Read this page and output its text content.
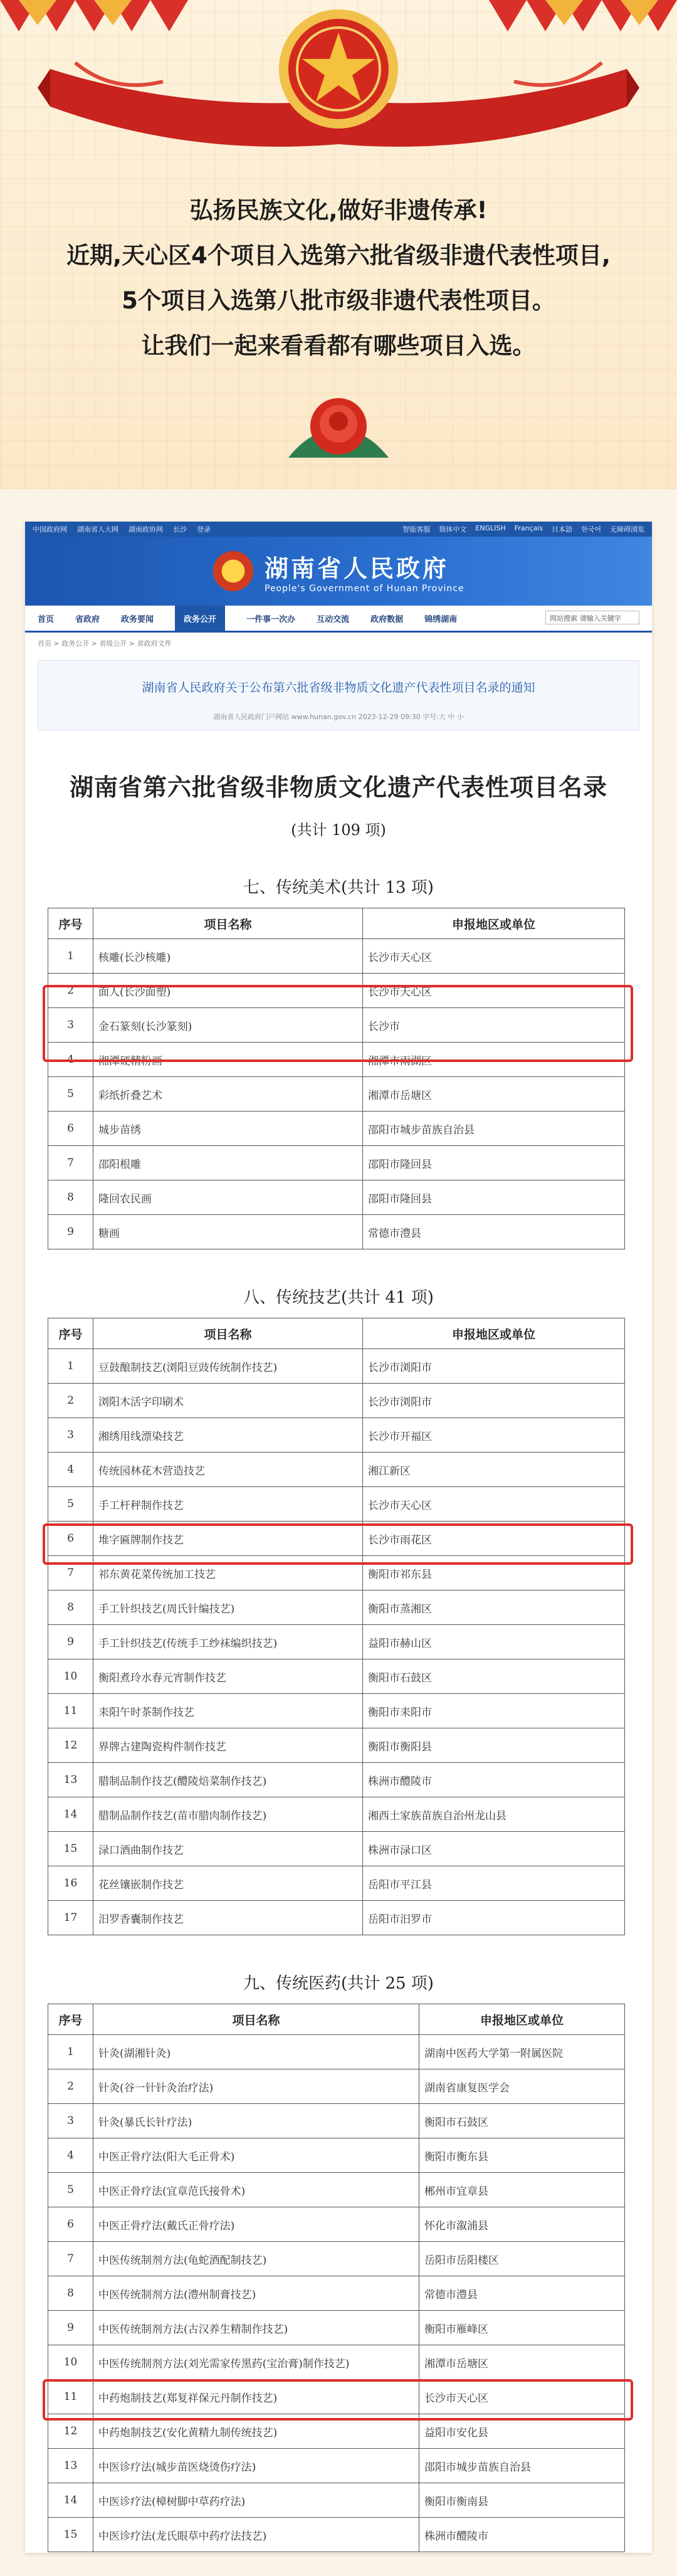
弘扬民族文化,做好非遗传承!

近期,天心区4个项目入选第六批省级非遗代表性项目,

5个项目入选第八批市级非遗代表性项目。

让我们一起来看看都有哪些项目入选。

中国政府网 湖南省人大网 湖南政协网 长沙 登录	智能客服 简体中文 ENGLISH Français 日本語 한국어 无障碍浏览
湖南省人民政府
People's Government of Hunan Province
首页	省政府	政务要闻	政务公开	一件事一次办	互动交流	政府数据	锦绣湖南	网站搜索 请输入关键字
首页 > 政务公开 > 省级公开 > 省政府文件
湖南省人民政府关于公布第六批省级非物质文化遗产代表性项目名录的通知
湖南省人民政府门户网站 www.hunan.gov.cn 2023-12-29 09:30 字号:大 中 小
湖南省第六批省级非物质文化遗产代表性项目名录
(共计 109 项)
七、传统美术(共计 13 项)
序号	项目名称	申报地区或单位
1	核雕(长沙核雕)	长沙市天心区
2	面人(长沙面塑)	长沙市天心区
3	金石篆刻(长沙篆刻)	长沙市
4	湘潭硬精粉画	湘潭市雨湖区
5	彩纸折叠艺术	湘潭市岳塘区
6	城步苗绣	邵阳市城步苗族自治县
7	邵阳根雕	邵阳市隆回县
8	隆回农民画	邵阳市隆回县
9	糖画	常德市澧县
八、传统技艺(共计 41 项)
序号	项目名称	申报地区或单位
1	豆鼓酿制技艺(浏阳豆豉传统制作技艺)	长沙市浏阳市
2	浏阳木活字印刷术	长沙市浏阳市
3	湘绣用线漂染技艺	长沙市开福区
4	传统园林花木营造技艺	湘江新区
5	手工杆秤制作技艺	长沙市天心区
6	堆字匾牌制作技艺	长沙市雨花区
7	祁东黄花菜传统加工技艺	衡阳市祁东县
8	手工针织技艺(周氏针编技艺)	衡阳市蒸湘区
9	手工针织技艺(传统手工纱袜编织技艺)	益阳市赫山区
10	衡阳煮玲水春元宵制作技艺	衡阳市石鼓区
11	耒阳午时茶制作技艺	衡阳市耒阳市
12	界牌古建陶瓷构件制作技艺	衡阳市衡阳县
13	腊制品制作技艺(醴陵焙菜制作技艺)	株洲市醴陵市
14	腊制品制作技艺(苗市腊肉制作技艺)	湘西土家族苗族自治州龙山县
15	渌口酒曲制作技艺	株洲市渌口区
16	花丝镶嵌制作技艺	岳阳市平江县
17	汨罗香囊制作技艺	岳阳市汨罗市
九、传统医药(共计 25 项)
序号	项目名称	申报地区或单位
1	针灸(湖湘针灸)	湖南中医药大学第一附属医院
2	针灸(谷一针针灸治疗法)	湖南省康复医学会
3	针灸(暴氏长针疗法)	衡阳市石鼓区
4	中医正骨疗法(阳大毛正骨术)	衡阳市衡东县
5	中医正骨疗法(宜章范氏接骨术)	郴州市宜章县
6	中医正骨疗法(戴氏正骨疗法)	怀化市溆浦县
7	中医传统制剂方法(龟蛇酒配制技艺)	岳阳市岳阳楼区
8	中医传统制剂方法(澧州制膏技艺)	常德市澧县
9	中医传统制剂方法(古汉养生精制作技艺)	衡阳市雁峰区
10	中医传统制剂方法(刘光需家传黑药(宝治膏)制作技艺)	湘潭市岳塘区
11	中药炮制技艺(郑复祥保元丹制作技艺)	长沙市天心区
12	中药炮制技艺(安化黄精九制传统技艺)	益阳市安化县
13	中医诊疗法(城步苗医烧烫伤疗法)	邵阳市城步苗族自治县
14	中医诊疗法(樟树脚中草药疗法)	衡阳市衡南县
15	中医诊疗法(龙氏眼草中药疗法技艺)	株洲市醴陵市
